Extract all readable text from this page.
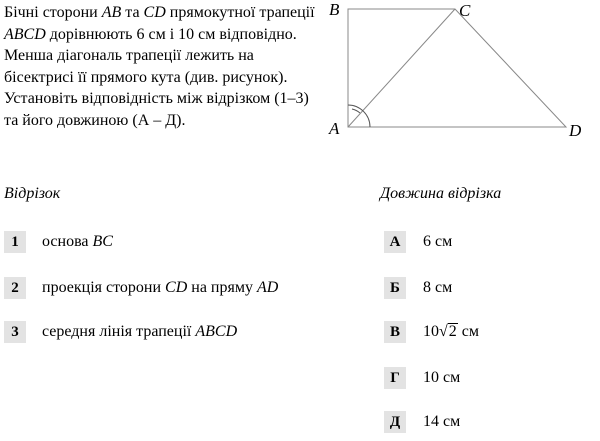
Бічні сторони AB та CD прямокутної трапеції ABCD дорівнюють 6 см і 10 см відповідно. Менша діагональ трапеції лежить на бісектрисі її прямого кута (див. рисунок). Установіть відповідність між відрізком (1–3) та його довжиною (А – Д).
B	C
A	D
Відрізок
1	основа BC
2	проекція сторони CD на пряму AD
3	середня лінія трапеції ABCD
Довжина відрізка
А	6 см
Б	8 см
В	10 √ 2 см
Г	10 см
Д	14 см
